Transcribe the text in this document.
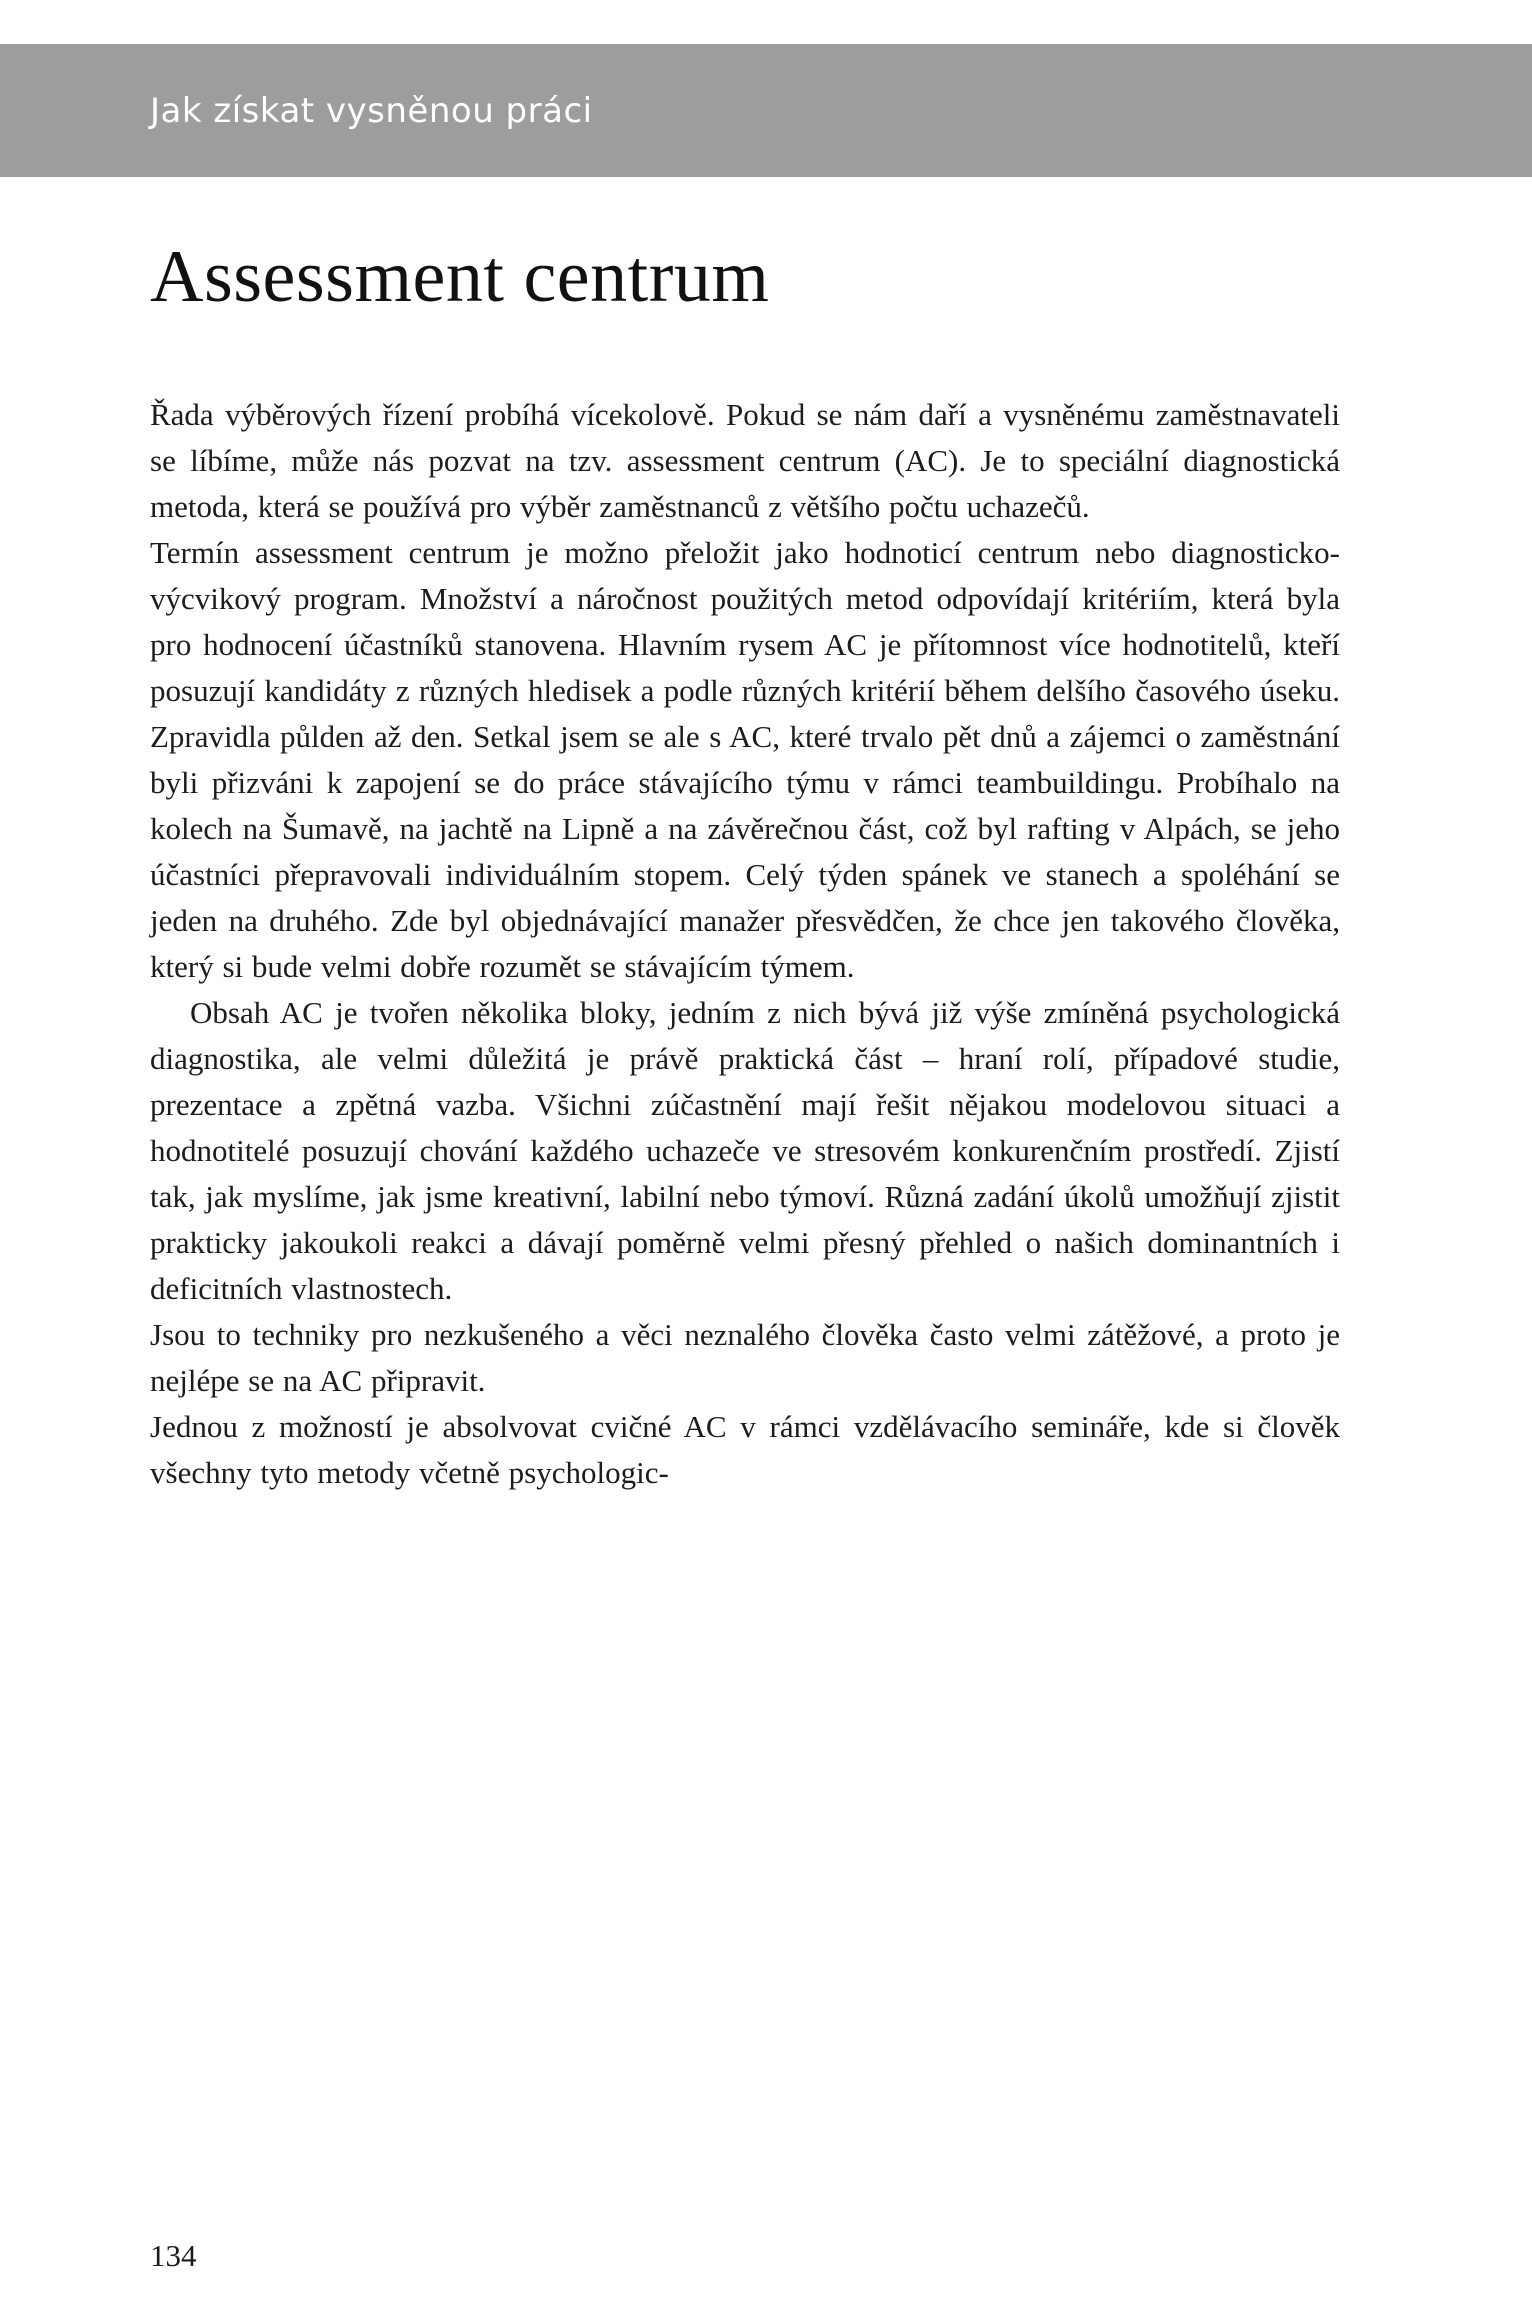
Jak získat vysněnou práci
Assessment centrum

Řada výběrových řízení probíhá vícekolově. Pokud se nám daří a vysněnému zaměstnavateli se líbíme, může nás pozvat na tzv. assessment centrum (AC). Je to speciální diagnostická metoda, která se používá pro výběr zaměstnanců z většího počtu uchazečů.

Termín assessment centrum je možno přeložit jako hodnoticí centrum nebo diagnosticko-výcvikový program. Množství a náročnost použitých metod odpovídají kritériím, která byla pro hodnocení účastníků stanovena. Hlavním rysem AC je přítomnost více hodnotitelů, kteří posuzují kandidáty z různých hledisek a podle různých kritérií během delšího časového úseku. Zpravidla půlden až den. Setkal jsem se ale s AC, které trvalo pět dnů a zájemci o zaměstnání byli přizváni k zapojení se do práce stávajícího týmu v rámci teambuildingu. Probíhalo na kolech na Šumavě, na jachtě na Lipně a na závěrečnou část, což byl rafting v Alpách, se jeho účastníci přepravovali individuálním stopem. Celý týden spánek ve stanech a spoléhání se jeden na druhého. Zde byl objednávající manažer přesvědčen, že chce jen takového člověka, který si bude velmi dobře rozumět se stávajícím týmem.

Obsah AC je tvořen několika bloky, jedním z nich bývá již výše zmíněná psychologická diagnostika, ale velmi důležitá je právě praktická část – hraní rolí, případové studie, prezentace a zpětná vazba. Všichni zúčastnění mají řešit nějakou modelovou situaci a hodnotitelé posuzují chování každého uchazeče ve stresovém konkurenčním prostředí. Zjistí tak, jak myslíme, jak jsme kreativní, labilní nebo týmoví. Různá zadání úkolů umožňují zjistit prakticky jakoukoli reakci a dávají poměrně velmi přesný přehled o našich dominantních i deficitních vlastnostech.

Jsou to techniky pro nezkušeného a věci neznalého člověka často velmi zátěžové, a proto je nejlépe se na AC připravit.

Jednou z možností je absolvovat cvičné AC v rámci vzdělávacího semináře, kde si člověk všechny tyto metody včetně psychologic-

134
